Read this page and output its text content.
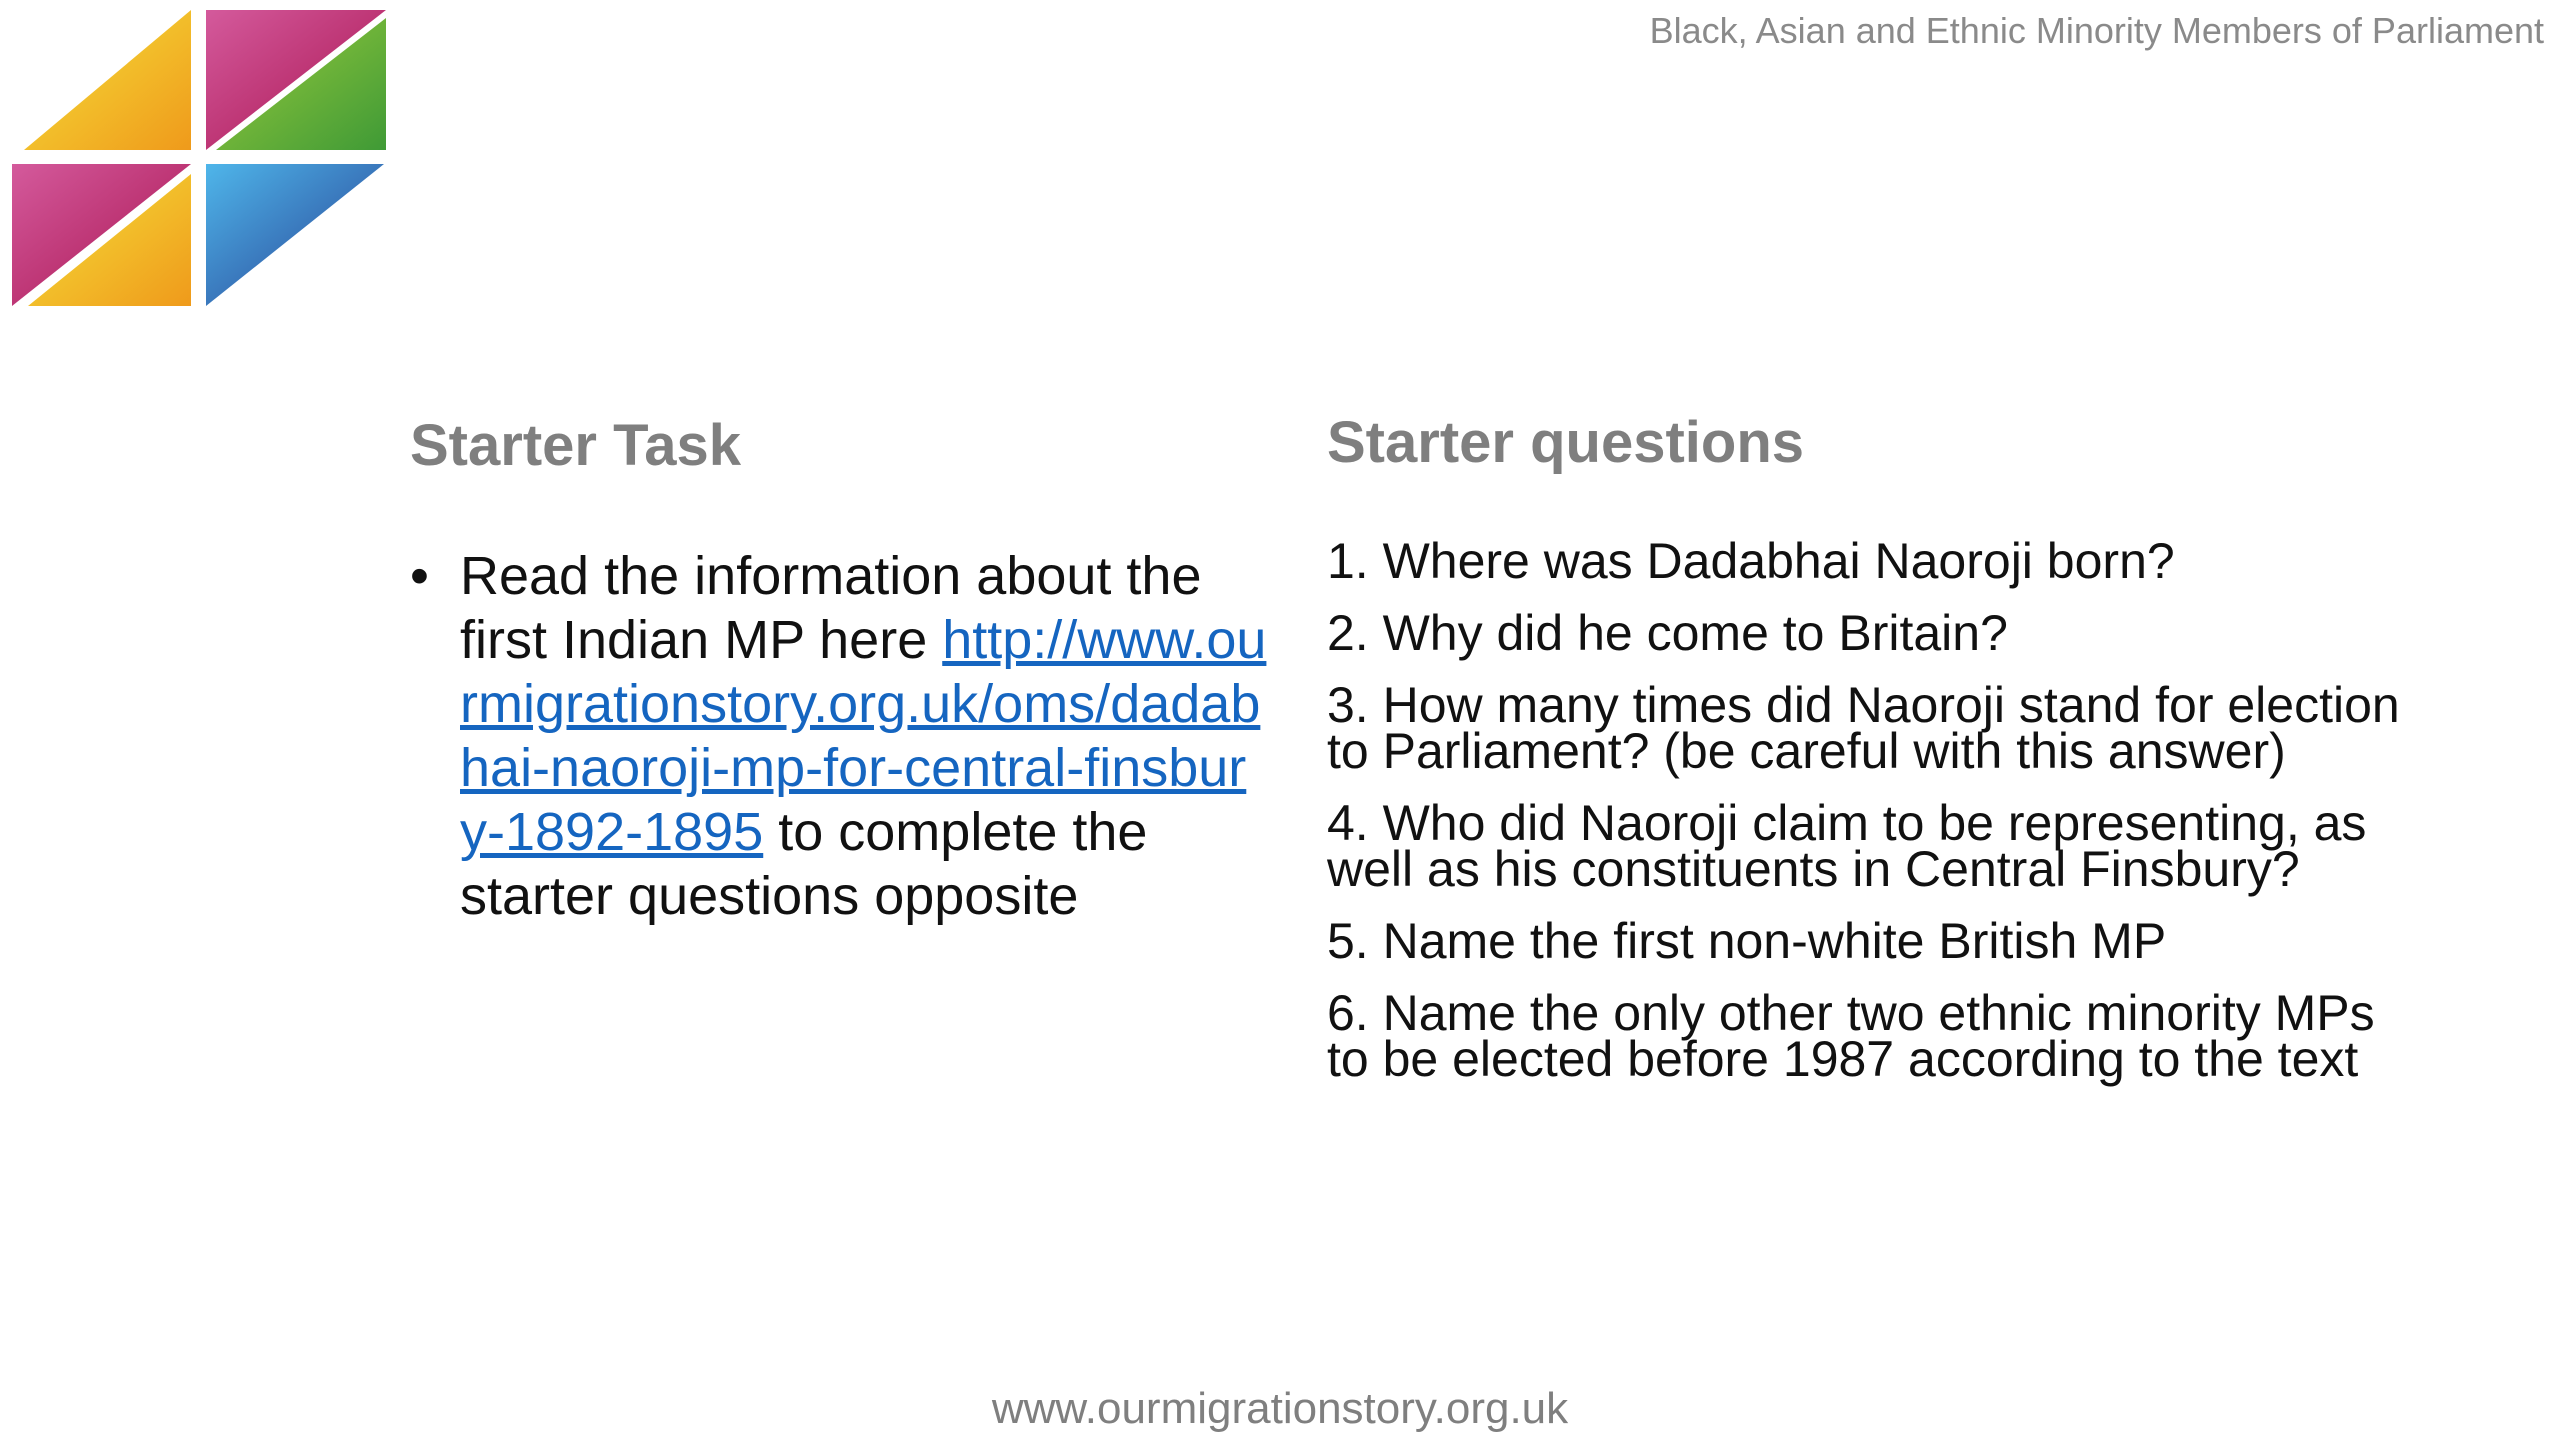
Black, Asian and Ethnic Minority Members of Parliament
Starter Task
• Read the information about the first Indian MP here http://www.ourmigrationstory.org.uk/oms/dadabhai-naoroji-mp-for-central-finsbury-1892-1895 to complete the starter questions opposite
Starter questions
1. Where was Dadabhai Naoroji born?
2. Why did he come to Britain?
3. How many times did Naoroji stand for election to Parliament? (be careful with this answer)
4. Who did Naoroji claim to be representing, as well as his constituents in Central Finsbury?
5. Name the first non-white British MP
6. Name the only other two ethnic minority MPs to be elected before 1987 according to the text
www.ourmigrationstory.org.uk
